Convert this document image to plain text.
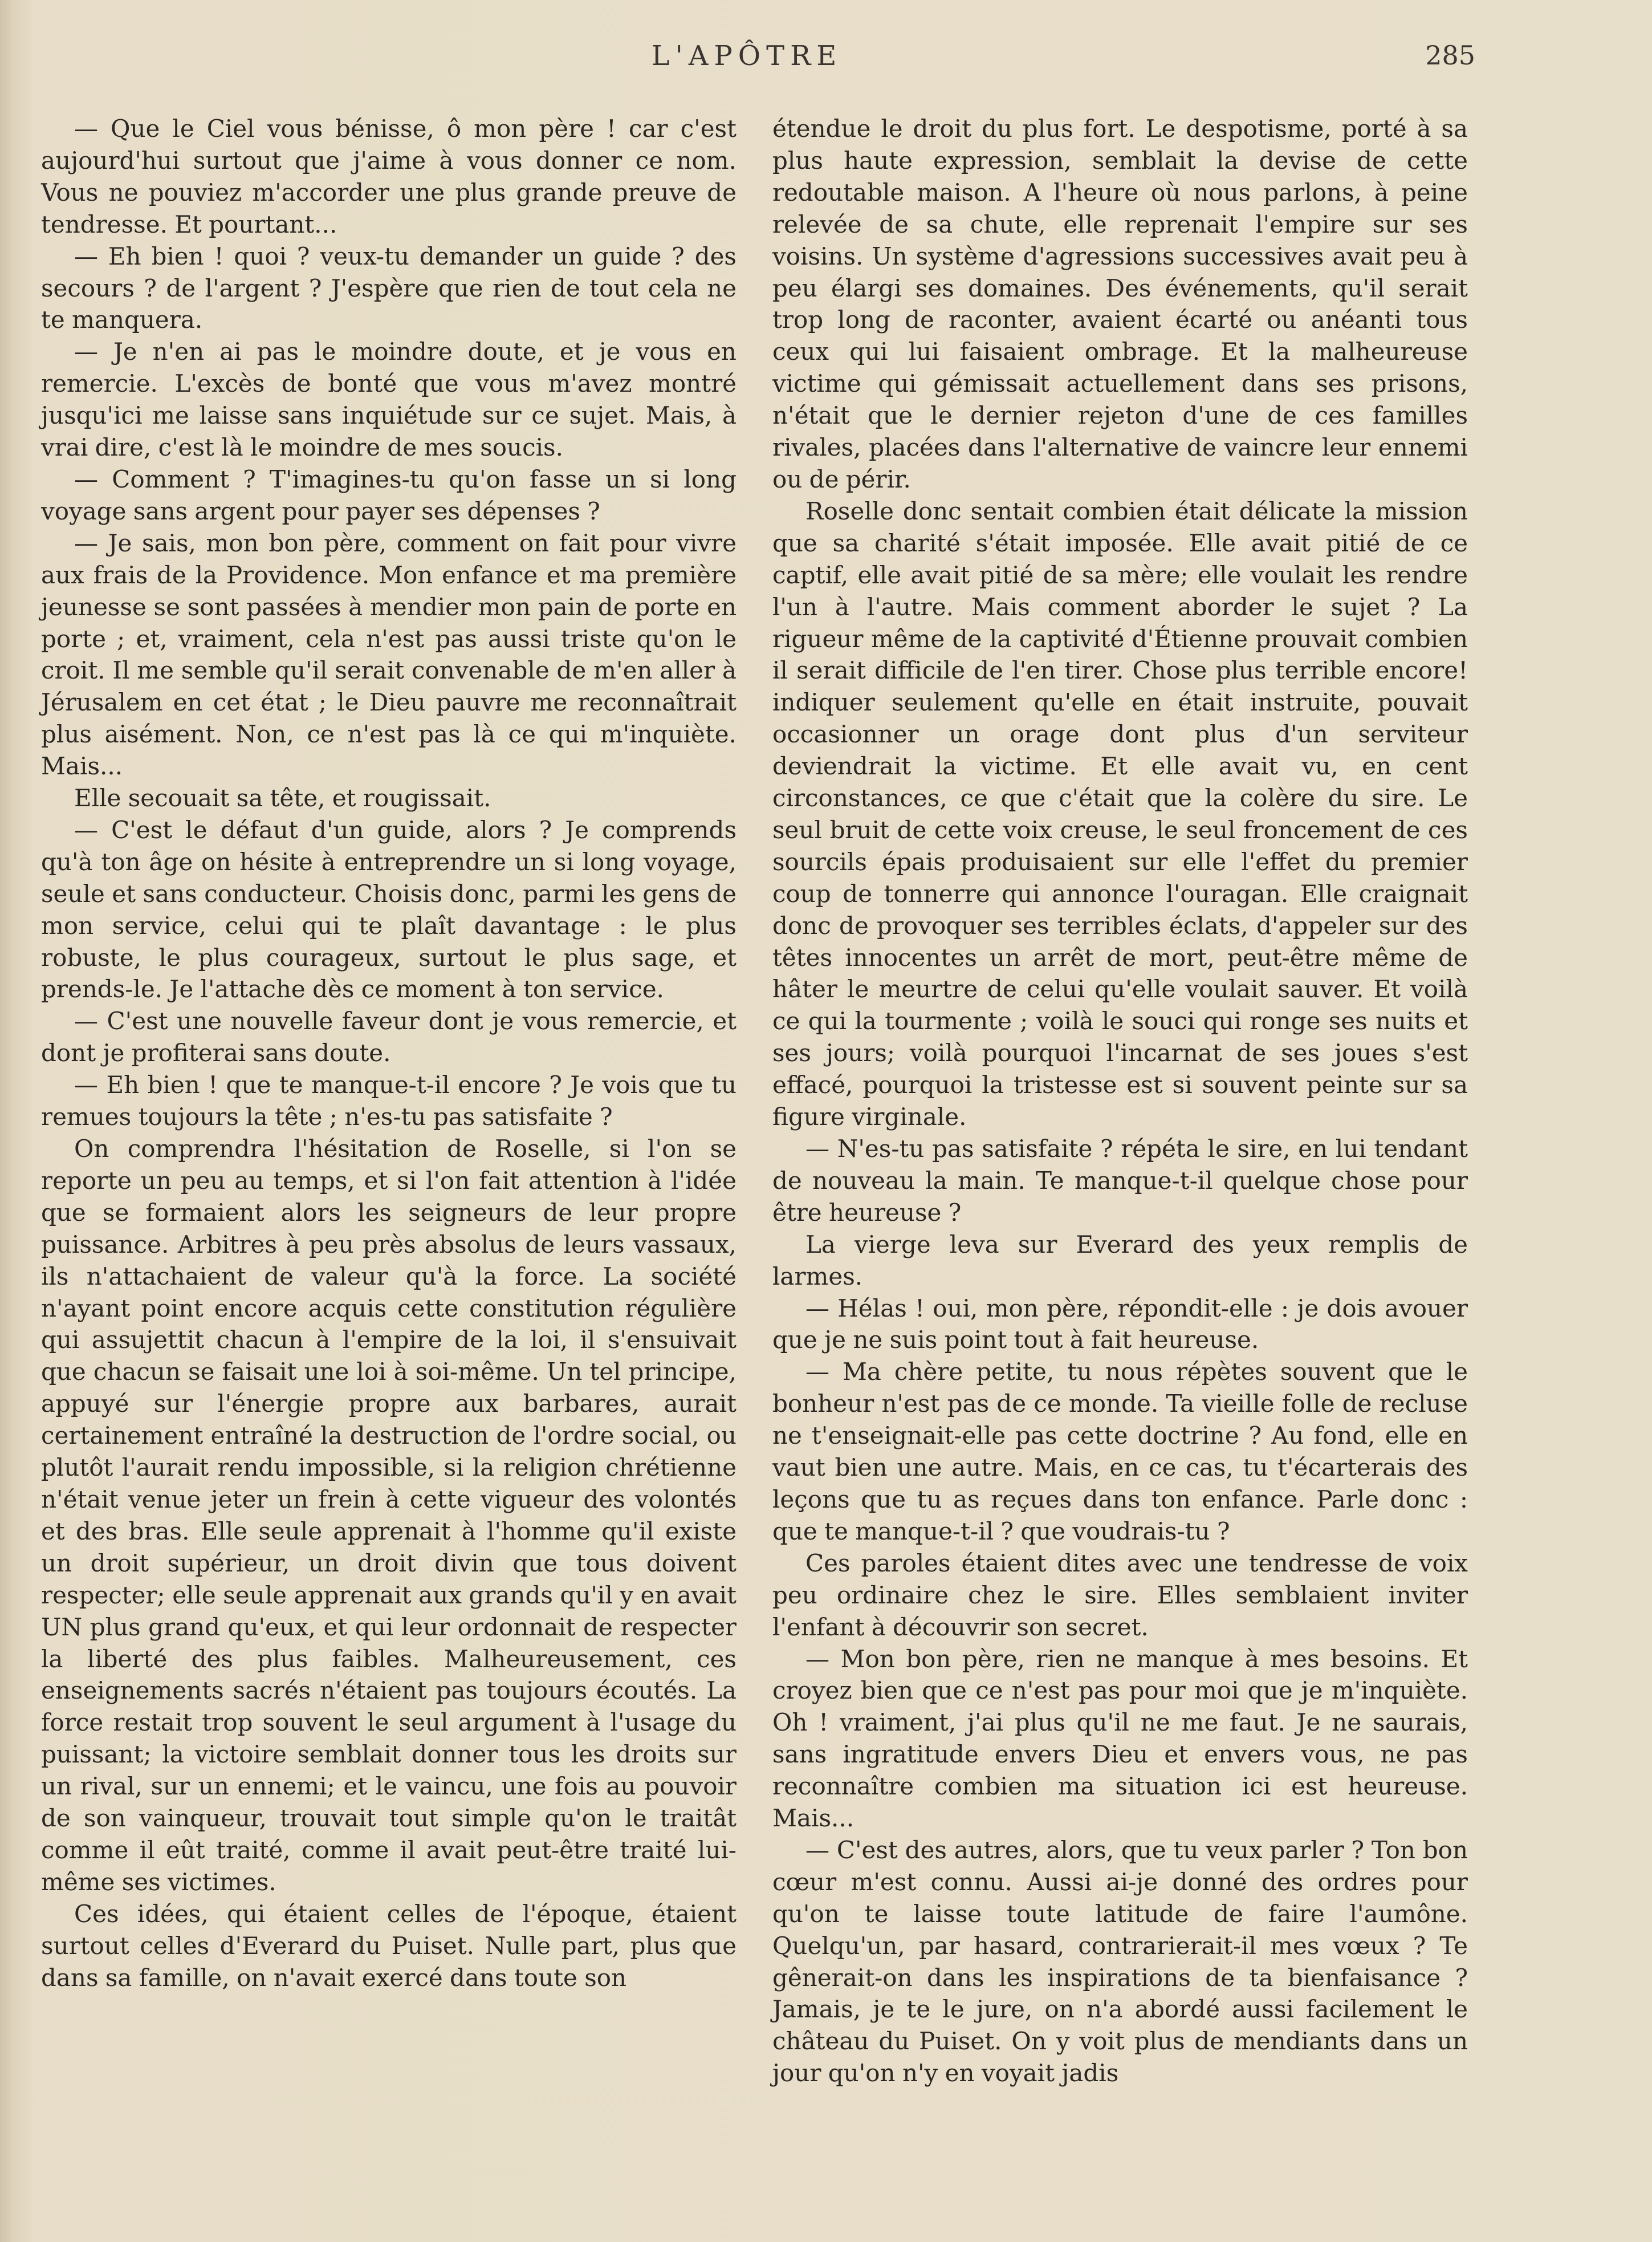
L'APÔTRE	285

— Que le Ciel vous bénisse, ô mon père ! car c'est aujourd'hui surtout que j'aime à vous donner ce nom. Vous ne pouviez m'accorder une plus grande preuve de tendresse. Et pourtant...

— Eh bien ! quoi ? veux-tu demander un guide ? des secours ? de l'argent ? J'espère que rien de tout cela ne te manquera.

— Je n'en ai pas le moindre doute, et je vous en remercie. L'excès de bonté que vous m'avez montré jusqu'ici me laisse sans inquiétude sur ce sujet. Mais, à vrai dire, c'est là le moindre de mes soucis.

— Comment ? T'imagines-tu qu'on fasse un si long voyage sans argent pour payer ses dépenses ?

— Je sais, mon bon père, comment on fait pour vivre aux frais de la Providence. Mon enfance et ma première jeunesse se sont passées à mendier mon pain de porte en porte ; et, vraiment, cela n'est pas aussi triste qu'on le croit. Il me semble qu'il serait convenable de m'en aller à Jérusalem en cet état ; le Dieu pauvre me reconnaîtrait plus aisément. Non, ce n'est pas là ce qui m'inquiète. Mais...

Elle secouait sa tête, et rougissait.

— C'est le défaut d'un guide, alors ? Je comprends qu'à ton âge on hésite à entreprendre un si long voyage, seule et sans conducteur. Choisis donc, parmi les gens de mon service, celui qui te plaît davantage : le plus robuste, le plus courageux, surtout le plus sage, et prends-le. Je l'attache dès ce moment à ton service.

— C'est une nouvelle faveur dont je vous remercie, et dont je profiterai sans doute.

— Eh bien ! que te manque-t-il encore ? Je vois que tu remues toujours la tête ; n'es-tu pas satisfaite ?

On comprendra l'hésitation de Roselle, si l'on se reporte un peu au temps, et si l'on fait attention à l'idée que se formaient alors les seigneurs de leur propre puissance. Arbitres à peu près absolus de leurs vassaux, ils n'attachaient de valeur qu'à la force. La société n'ayant point encore acquis cette constitution régulière qui assujettit chacun à l'empire de la loi, il s'ensuivait que chacun se faisait une loi à soi-même. Un tel principe, appuyé sur l'énergie propre aux barbares, aurait certainement entraîné la destruction de l'ordre social, ou plutôt l'aurait rendu impossible, si la religion chrétienne n'était venue jeter un frein à cette vigueur des volontés et des bras. Elle seule apprenait à l'homme qu'il existe un droit supérieur, un droit divin que tous doivent respecter; elle seule apprenait aux grands qu'il y en avait UN plus grand qu'eux, et qui leur ordonnait de respecter la liberté des plus faibles. Malheureusement, ces enseignements sacrés n'étaient pas toujours écoutés. La force restait trop souvent le seul argument à l'usage du puissant; la victoire semblait donner tous les droits sur un rival, sur un ennemi; et le vaincu, une fois au pouvoir de son vainqueur, trouvait tout simple qu'on le traitât comme il eût traité, comme il avait peut-être traité lui-même ses victimes.

Ces idées, qui étaient celles de l'époque, étaient surtout celles d'Everard du Puiset. Nulle part, plus que dans sa famille, on n'avait exercé dans toute son

étendue le droit du plus fort. Le despotisme, porté à sa plus haute expression, semblait la devise de cette redoutable maison. A l'heure où nous parlons, à peine relevée de sa chute, elle reprenait l'empire sur ses voisins. Un système d'agressions successives avait peu à peu élargi ses domaines. Des événements, qu'il serait trop long de raconter, avaient écarté ou anéanti tous ceux qui lui faisaient ombrage. Et la malheureuse victime qui gémissait actuellement dans ses prisons, n'était que le dernier rejeton d'une de ces familles rivales, placées dans l'alternative de vaincre leur ennemi ou de périr.

Roselle donc sentait combien était délicate la mission que sa charité s'était imposée. Elle avait pitié de ce captif, elle avait pitié de sa mère; elle voulait les rendre l'un à l'autre. Mais comment aborder le sujet ? La rigueur même de la captivité d'Étienne prouvait combien il serait difficile de l'en tirer. Chose plus terrible encore! indiquer seulement qu'elle en était instruite, pouvait occasionner un orage dont plus d'un serviteur deviendrait la victime. Et elle avait vu, en cent circonstances, ce que c'était que la colère du sire. Le seul bruit de cette voix creuse, le seul froncement de ces sourcils épais produisaient sur elle l'effet du premier coup de tonnerre qui annonce l'ouragan. Elle craignait donc de provoquer ses terribles éclats, d'appeler sur des têtes innocentes un arrêt de mort, peut-être même de hâter le meurtre de celui qu'elle voulait sauver. Et voilà ce qui la tourmente ; voilà le souci qui ronge ses nuits et ses jours; voilà pourquoi l'incarnat de ses joues s'est effacé, pourquoi la tristesse est si souvent peinte sur sa figure virginale.

— N'es-tu pas satisfaite ? répéta le sire, en lui tendant de nouveau la main. Te manque-t-il quelque chose pour être heureuse ?

La vierge leva sur Everard des yeux remplis de larmes.

— Hélas ! oui, mon père, répondit-elle : je dois avouer que je ne suis point tout à fait heureuse.

— Ma chère petite, tu nous répètes souvent que le bonheur n'est pas de ce monde. Ta vieille folle de recluse ne t'enseignait-elle pas cette doctrine ? Au fond, elle en vaut bien une autre. Mais, en ce cas, tu t'écarterais des leçons que tu as reçues dans ton enfance. Parle donc : que te manque-t-il ? que voudrais-tu ?

Ces paroles étaient dites avec une tendresse de voix peu ordinaire chez le sire. Elles semblaient inviter l'enfant à découvrir son secret.

— Mon bon père, rien ne manque à mes besoins. Et croyez bien que ce n'est pas pour moi que je m'inquiète. Oh ! vraiment, j'ai plus qu'il ne me faut. Je ne saurais, sans ingratitude envers Dieu et envers vous, ne pas reconnaître combien ma situation ici est heureuse. Mais...

— C'est des autres, alors, que tu veux parler ? Ton bon cœur m'est connu. Aussi ai-je donné des ordres pour qu'on te laisse toute latitude de faire l'aumône. Quelqu'un, par hasard, contrarierait-il mes vœux ? Te gênerait-on dans les inspirations de ta bienfaisance ? Jamais, je te le jure, on n'a abordé aussi facilement le château du Puiset. On y voit plus de mendiants dans un jour qu'on n'y en voyait jadis
